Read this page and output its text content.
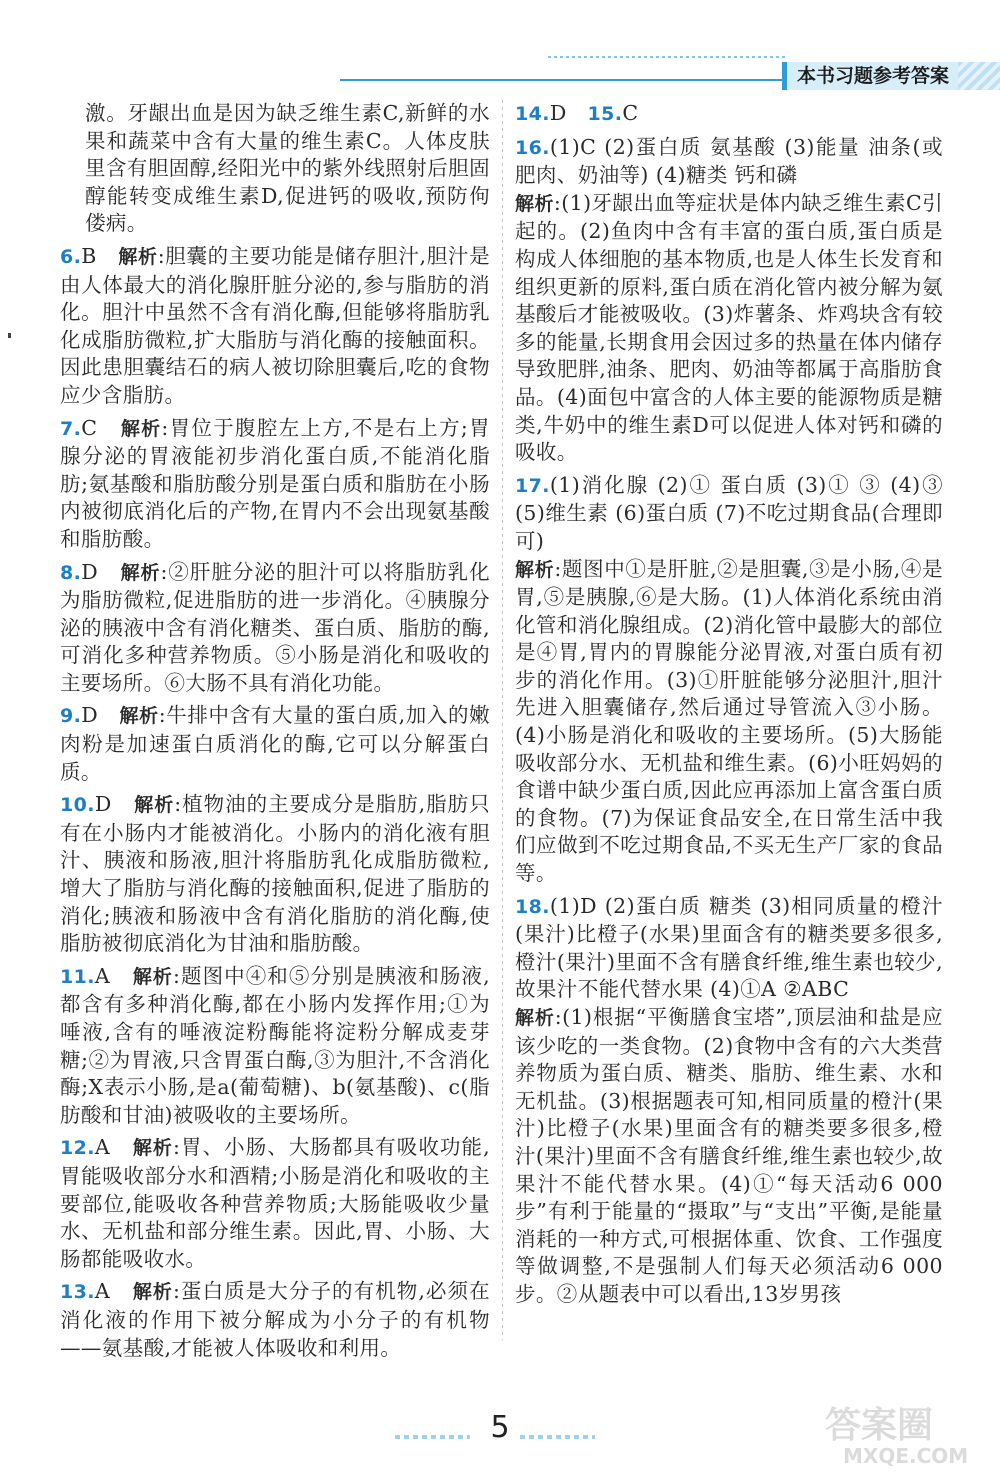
本书习题参考答案

激。牙龈出血是因为缺乏维生素C,新鲜的水果和蔬菜中含有大量的维生素C。人体皮肤里含有胆固醇,经阳光中的紫外线照射后胆固醇能转变成维生素D,促进钙的吸收,预防佝偻病。

6.B 解析:胆囊的主要功能是储存胆汁,胆汁是由人体最大的消化腺肝脏分泌的,参与脂肪的消化。胆汁中虽然不含有消化酶,但能够将脂肪乳化成脂肪微粒,扩大脂肪与消化酶的接触面积。因此患胆囊结石的病人被切除胆囊后,吃的食物应少含脂肪。

7.C 解析:胃位于腹腔左上方,不是右上方;胃腺分泌的胃液能初步消化蛋白质,不能消化脂肪;氨基酸和脂肪酸分别是蛋白质和脂肪在小肠内被彻底消化后的产物,在胃内不会出现氨基酸和脂肪酸。

8.D 解析:②肝脏分泌的胆汁可以将脂肪乳化为脂肪微粒,促进脂肪的进一步消化。④胰腺分泌的胰液中含有消化糖类、蛋白质、脂肪的酶,可消化多种营养物质。⑤小肠是消化和吸收的主要场所。⑥大肠不具有消化功能。

9.D 解析:牛排中含有大量的蛋白质,加入的嫩肉粉是加速蛋白质消化的酶,它可以分解蛋白质。

10.D 解析:植物油的主要成分是脂肪,脂肪只有在小肠内才能被消化。小肠内的消化液有胆汁、胰液和肠液,胆汁将脂肪乳化成脂肪微粒,增大了脂肪与消化酶的接触面积,促进了脂肪的消化;胰液和肠液中含有消化脂肪的消化酶,使脂肪被彻底消化为甘油和脂肪酸。

11.A 解析:题图中④和⑤分别是胰液和肠液,都含有多种消化酶,都在小肠内发挥作用;①为唾液,含有的唾液淀粉酶能将淀粉分解成麦芽糖;②为胃液,只含胃蛋白酶,③为胆汁,不含消化酶;X表示小肠,是a(葡萄糖)、b(氨基酸)、c(脂肪酸和甘油)被吸收的主要场所。

12.A 解析:胃、小肠、大肠都具有吸收功能,胃能吸收部分水和酒精;小肠是消化和吸收的主要部位,能吸收各种营养物质;大肠能吸收少量水、无机盐和部分维生素。因此,胃、小肠、大肠都能吸收水。

13.A 解析:蛋白质是大分子的有机物,必须在消化液的作用下被分解成为小分子的有机物——氨基酸,才能被人体吸收和利用。

14.D 15.C

16.(1)C (2)蛋白质 氨基酸 (3)能量 油条(或肥肉、奶油等) (4)糖类 钙和磷

解析:(1)牙龈出血等症状是体内缺乏维生素C引起的。(2)鱼肉中含有丰富的蛋白质,蛋白质是构成人体细胞的基本物质,也是人体生长发育和组织更新的原料,蛋白质在消化管内被分解为氨基酸后才能被吸收。(3)炸薯条、炸鸡块含有较多的能量,长期食用会因过多的热量在体内储存导致肥胖,油条、肥肉、奶油等都属于高脂肪食品。(4)面包中富含的人体主要的能源物质是糖类,牛奶中的维生素D可以促进人体对钙和磷的吸收。

17.(1)消化腺 (2)① 蛋白质 (3)① ③ (4)③ (5)维生素 (6)蛋白质 (7)不吃过期食品(合理即可)

解析:题图中①是肝脏,②是胆囊,③是小肠,④是胃,⑤是胰腺,⑥是大肠。(1)人体消化系统由消化管和消化腺组成。(2)消化管中最膨大的部位是④胃,胃内的胃腺能分泌胃液,对蛋白质有初步的消化作用。(3)①肝脏能够分泌胆汁,胆汁先进入胆囊储存,然后通过导管流入③小肠。(4)小肠是消化和吸收的主要场所。(5)大肠能吸收部分水、无机盐和维生素。(6)小旺妈妈的食谱中缺少蛋白质,因此应再添加上富含蛋白质的食物。(7)为保证食品安全,在日常生活中我们应做到不吃过期食品,不买无生产厂家的食品等。

18.(1)D (2)蛋白质 糖类 (3)相同质量的橙汁(果汁)比橙子(水果)里面含有的糖类要多很多,橙汁(果汁)里面不含有膳食纤维,维生素也较少,故果汁不能代替水果 (4)①A ②ABC

解析:(1)根据“平衡膳食宝塔”,顶层油和盐是应该少吃的一类食物。(2)食物中含有的六大类营养物质为蛋白质、糖类、脂肪、维生素、水和无机盐。(3)根据题表可知,相同质量的橙汁(果汁)比橙子(水果)里面含有的糖类要多很多,橙汁(果汁)里面不含有膳食纤维,维生素也较少,故果汁不能代替水果。(4)①“每天活动6 000步”有利于能量的“摄取”与“支出”平衡,是能量消耗的一种方式,可根据体重、饮食、工作强度等做调整,不是强制人们每天必须活动6 000步。②从题表中可以看出,13岁男孩

5	答案圈
MXQE.COM
